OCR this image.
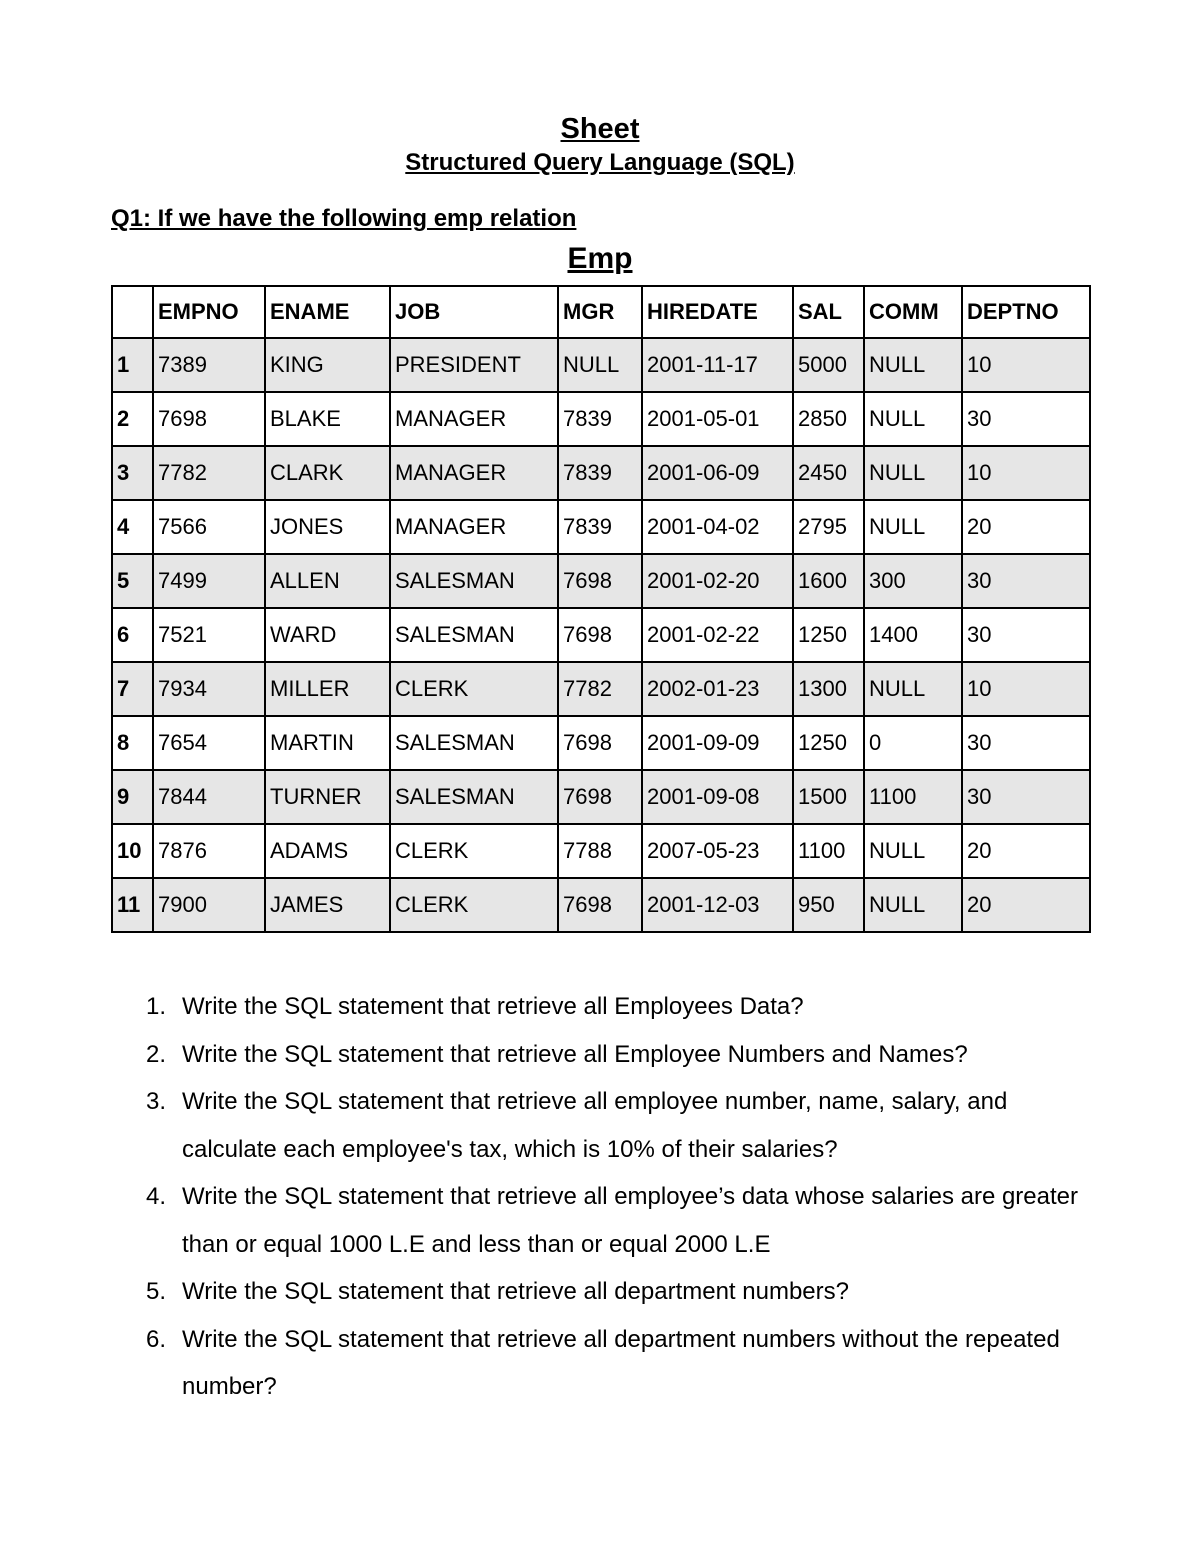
Sheet
Structured Query Language (SQL)
Q1: If we have the following emp relation
Emp
	EMPNO	ENAME	JOB	MGR	HIREDATE	SAL	COMM	DEPTNO
1	7389	KING	PRESIDENT	NULL	2001-11-17	5000	NULL	10
2	7698	BLAKE	MANAGER	7839	2001-05-01	2850	NULL	30
3	7782	CLARK	MANAGER	7839	2001-06-09	2450	NULL	10
4	7566	JONES	MANAGER	7839	2001-04-02	2795	NULL	20
5	7499	ALLEN	SALESMAN	7698	2001-02-20	1600	300	30
6	7521	WARD	SALESMAN	7698	2001-02-22	1250	1400	30
7	7934	MILLER	CLERK	7782	2002-01-23	1300	NULL	10
8	7654	MARTIN	SALESMAN	7698	2001-09-09	1250	0	30
9	7844	TURNER	SALESMAN	7698	2001-09-08	1500	1100	30
10	7876	ADAMS	CLERK	7788	2007-05-23	1100	NULL	20
11	7900	JAMES	CLERK	7698	2001-12-03	950	NULL	20
1. Write the SQL statement that retrieve all Employees Data?
2. Write the SQL statement that retrieve all Employee Numbers and Names?
3. Write the SQL statement that retrieve all employee number, name, salary, and calculate each employee's tax, which is 10% of their salaries?
4. Write the SQL statement that retrieve all employee’s data whose salaries are greater than or equal 1000 L.E and less than or equal 2000 L.E
5. Write the SQL statement that retrieve all department numbers?
6. Write the SQL statement that retrieve all department numbers without the repeated number?
